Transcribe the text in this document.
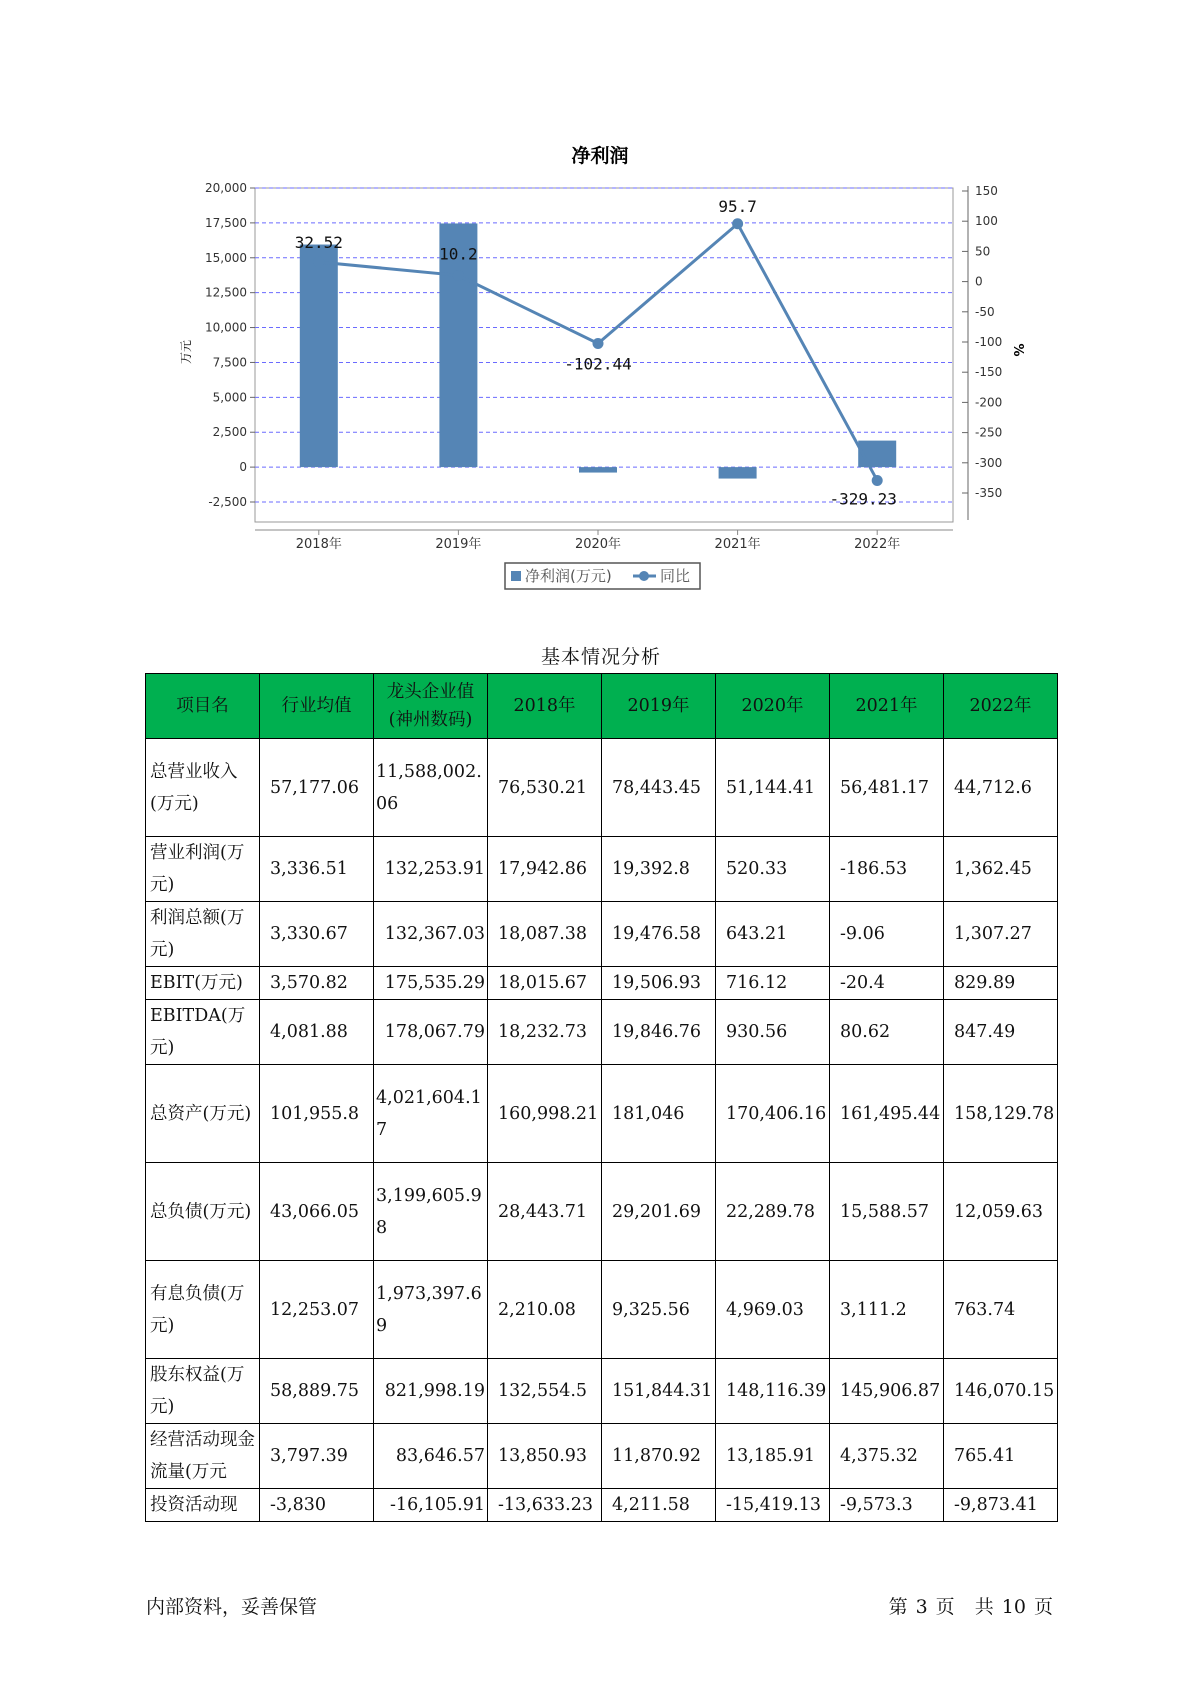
净利润
20,000
17,500
15,000
12,500
10,000
7,500
5,000
2,500
0
-2,500
150
100
50
0
-50
-100
-150
-200
-250
-300
-350
32.52
10.2
-102.44
95.7
-329.23
2018年	2019年	2020年	2021年	2022年
万元	%
净利润(万元)	同比
基本情况分析
项目名	行业均值	龙头企业值(神州数码)	2018年	2019年	2020年	2021年	2022年
总营业收入(万元)	57,177.06	11,588,002.06	76,530.21	78,443.45	51,144.41	56,481.17	44,712.6
营业利润(万元)	3,336.51	132,253.91	17,942.86	19,392.8	520.33	-186.53	1,362.45
利润总额(万元)	3,330.67	132,367.03	18,087.38	19,476.58	643.21	-9.06	1,307.27
EBIT(万元)	3,570.82	175,535.29	18,015.67	19,506.93	716.12	-20.4	829.89
EBITDA(万元)	4,081.88	178,067.79	18,232.73	19,846.76	930.56	80.62	847.49
总资产(万元)	101,955.8	4,021,604.17	160,998.21	181,046	170,406.16	161,495.44	158,129.78
总负债(万元)	43,066.05	3,199,605.98	28,443.71	29,201.69	22,289.78	15,588.57	12,059.63
有息负债(万元)	12,253.07	1,973,397.69	2,210.08	9,325.56	4,969.03	3,111.2	763.74
股东权益(万元)	58,889.75	821,998.19	132,554.5	151,844.31	148,116.39	145,906.87	146,070.15
经营活动现金流量(万元	3,797.39	83,646.57	13,850.93	11,870.92	13,185.91	4,375.32	765.41
投资活动现	-3,830	-16,105.91	-13,633.23	4,211.58	-15,419.13	-9,573.3	-9,873.41
内部资料，妥善保管	第 3 页 共 10 页
